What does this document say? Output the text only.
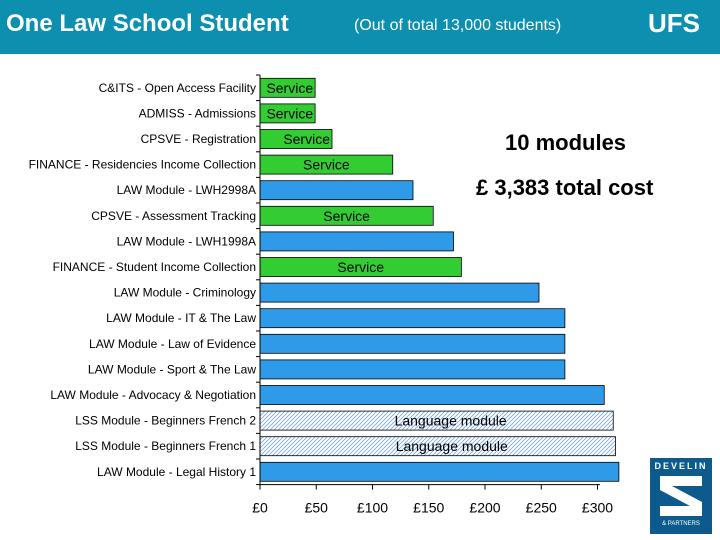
One Law School Student	(Out of total 13,000 students)	UFS
C&ITS - Open Access Facility Service
ADMISS - Admissions Service
CPSVE - Registration Service
FINANCE - Residencies Income Collection	Service
LAW Module - LWH2998A
CPSVE - Assessment Tracking	Service
LAW Module - LWH1998A
FINANCE - Student Income Collection	Service
LAW Module - Criminology
LAW Module - IT & The Law
LAW Module - Law of Evidence
LAW Module - Sport & The Law
LAW Module - Advocacy & Negotiation
LSS Module - Beginners French 2	Language module
LSS Module - Beginners French 1	Language module
LAW Module - Legal History 1
£0	£50 £100 £150 £200 £250 £300
10 modules
£ 3,383 total cost
DEVELIN
& PARTNERS
